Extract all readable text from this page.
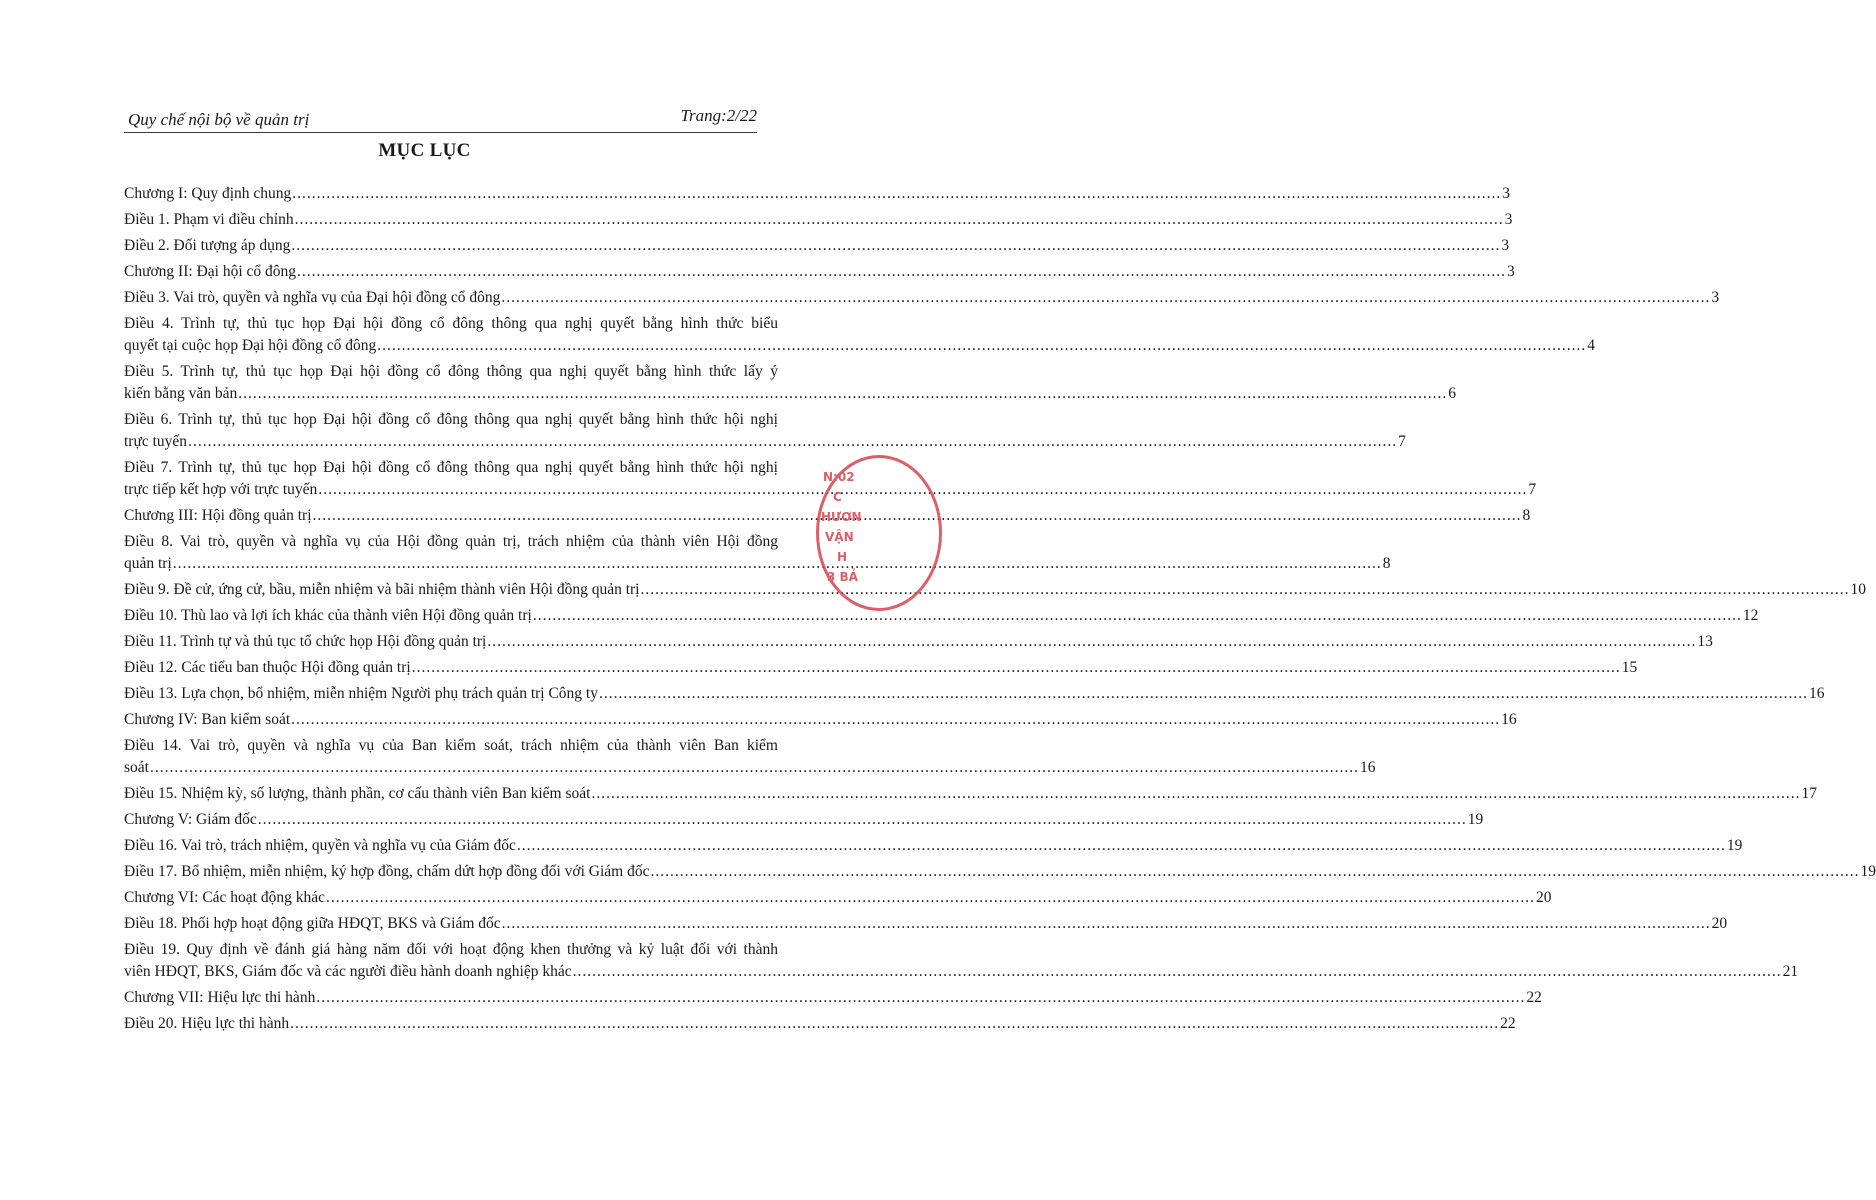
Quy chế nội bộ về quản trị	Trang:2/22
MỤC LỤC
Chương I: Quy định chung .....	3
Điều 1. Phạm vi điều chỉnh .....	3
Điều 2. Đối tượng áp dụng .....	3
Chương II: Đại hội cổ đông .....	3
Điều 3. Vai trò, quyền và nghĩa vụ của Đại hội đồng cổ đông .....	3
Điều 4. Trình tự, thủ tục họp Đại hội đồng cổ đông thông qua nghị quyết bằng hình thức biểu
quyết tại cuộc họp Đại hội đồng cổ đông .....	4
Điều 5. Trình tự, thủ tục họp Đại hội đồng cổ đông thông qua nghị quyết bằng hình thức lấy ý
kiến bằng văn bản .....	6
Điều 6. Trình tự, thủ tục họp Đại hội đồng cổ đông thông qua nghị quyết bằng hình thức hội nghị
trực tuyến .....	7
Điều 7. Trình tự, thủ tục họp Đại hội đồng cổ đông thông qua nghị quyết bằng hình thức hội nghị
trực tiếp kết hợp với trực tuyến .....	7
Chương III: Hội đồng quản trị .....	8
Điều 8. Vai trò, quyền và nghĩa vụ của Hội đồng quản trị, trách nhiệm của thành viên Hội đồng
quản trị .....	8
Điều 9. Đề cử, ứng cử, bầu, miễn nhiệm và bãi nhiệm thành viên Hội đồng quản trị .....	10
Điều 10. Thù lao và lợi ích khác của thành viên Hội đồng quản trị .....	12
Điều 11. Trình tự và thủ tục tổ chức họp Hội đồng quản trị .....	13
Điều 12. Các tiểu ban thuộc Hội đồng quản trị .....	15
Điều 13. Lựa chọn, bổ nhiệm, miễn nhiệm Người phụ trách quản trị Công ty .....	16
Chương IV: Ban kiểm soát .....	16
Điều 14. Vai trò, quyền và nghĩa vụ của Ban kiểm soát, trách nhiệm của thành viên Ban kiểm
soát .....	16
Điều 15. Nhiệm kỳ, số lượng, thành phần, cơ cấu thành viên Ban kiểm soát .....	17
Chương V: Giám đốc .....	19
Điều 16. Vai trò, trách nhiệm, quyền và nghĩa vụ của Giám đốc .....	19
Điều 17. Bổ nhiệm, miễn nhiệm, ký hợp đồng, chấm dứt hợp đồng đối với Giám đốc .....	19
Chương VI: Các hoạt động khác .....	20
Điều 18. Phối hợp hoạt động giữa HĐQT, BKS và Giám đốc .....	20
Điều 19. Quy định về đánh giá hàng năm đối với hoạt động khen thưởng và kỷ luật đối với thành
viên HĐQT, BKS, Giám đốc và các người điều hành doanh nghiệp khác .....	21
Chương VII: Hiệu lực thi hành .....	22
Điều 20. Hiệu lực thi hành .....	22
N:02
C
HƯƠN
VẬN
H
3 BẢ
